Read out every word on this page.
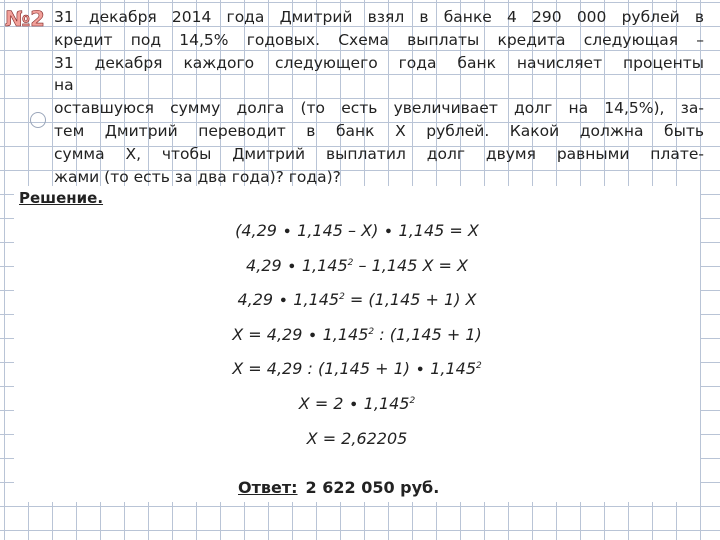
№2 31 декабря 2014 года Дмитрий взял в банке 4 290 000 рублей в
кредит под 14,5% годовых. Схема выплаты кредита следующая –
31 декабря каждого следующего года банк начисляет проценты
на
оставшуюся сумму долга (то есть увеличивает долг на 14,5%), за-
тем Дмитрий переводит в банк X рублей. Какой должна быть
сумма X, чтобы Дмитрий выплатил долг двумя равными плате-
жами (то есть за два года)? года)?

Решение.
(4,29 ∙ 1,145 – X) ∙ 1,145 = X
$4,29 \cdot 1,145^2 - 1,145$ X = X
$4,29 \cdot 1,145^2 = (1,145 + 1)$ X
$X = 4,29 \cdot 1,145^2$ : (1,145 + 1)
X = 4,29 : $(1,145 + 1) \cdot 1,145^2$
$X = 2 \cdot 1,145^2$
X = 2,62205
Ответ: 2 622 050 руб.
